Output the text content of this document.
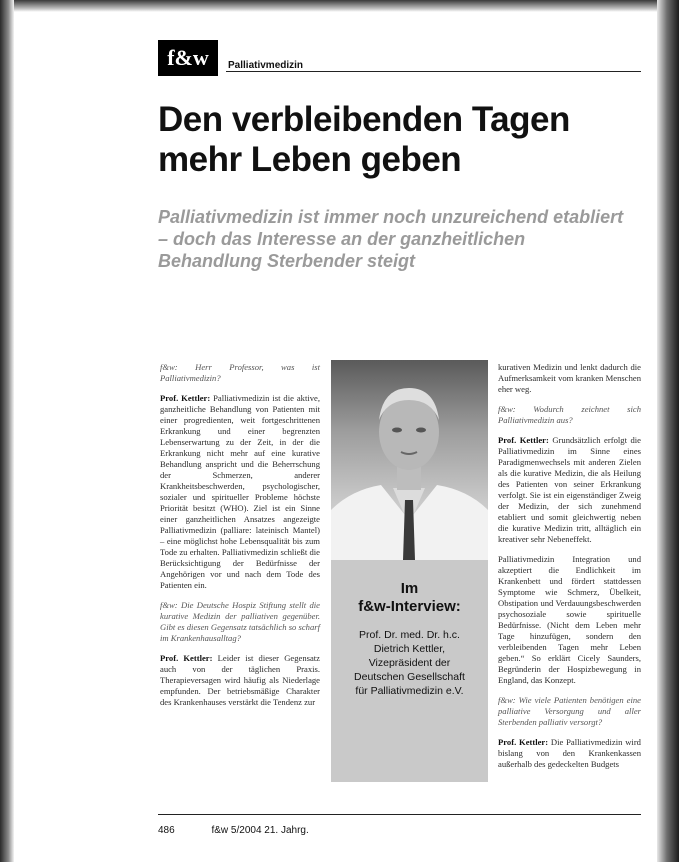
f&w	Palliativmedizin
Den verbleibenden Tagen
mehr Leben geben
Palliativmedizin ist immer noch unzureichend etabliert – doch das Interesse an der ganzheitlichen Behandlung Sterbender steigt

f&w: Herr Professor, was ist Palliativmedizin?

Prof. Kettler: Palliativmedizin ist die aktive, ganzheitliche Behandlung von Patienten mit einer progredienten, weit fortgeschrittenen Erkrankung und einer begrenzten Lebenserwartung zu der Zeit, in der die Erkrankung nicht mehr auf eine kurative Behandlung anspricht und die Beherrschung der Schmerzen, anderer Krankheitsbeschwerden, psychologischer, sozialer und spiritueller Probleme höchste Priorität besitzt (WHO). Ziel ist ein Sinne einer ganzheitlichen Ansatzes angezeigte Palliativmedizin (palliare: lateinisch Mantel) – eine möglichst hohe Lebensqualität bis zum Tode zu erhalten. Palliativmedizin schließt die Berücksichtigung der Bedürfnisse der Angehörigen vor und nach dem Tode des Patienten ein.

f&w: Die Deutsche Hospiz Stiftung stellt die kurative Medizin der palliativen gegenüber. Gibt es diesen Gegensatz tatsächlich so scharf im Krankenhausalltag?

Prof. Kettler: Leider ist dieser Gegensatz auch von der täglichen Praxis. Therapieversagen wird häufig als Niederlage empfunden. Der betriebsmäßige Charakter des Krankenhauses verstärkt die Tendenz zur

Im
f&w-Interview:
Prof. Dr. med. Dr. h.c.
Dietrich Kettler,
Vizepräsident der
Deutschen Gesellschaft
für Palliativmedizin e.V.

kurativen Medizin und lenkt dadurch die Aufmerksamkeit vom kranken Menschen eher weg.

f&w: Wodurch zeichnet sich Palliativmedizin aus?

Prof. Kettler: Grundsätzlich erfolgt die Palliativmedizin im Sinne eines Paradigmenwechsels mit anderen Zielen als die kurative Medizin, die als Heilung des Patienten von seiner Erkrankung verfolgt. Sie ist ein eigenständiger Zweig der Medizin, der sich zunehmend etabliert und somit gleichwertig neben die kurative Medizin tritt, alltäglich ein kreativer sehr Nebeneffekt.

Palliativmedizin Integration und akzeptiert die Endlichkeit im Krankenbett und fördert stattdessen Symptome wie Schmerz, Übelkeit, Obstipation und Verdauungsbeschwerden psychosoziale sowie spirituelle Bedürfnisse. (Nicht dem Leben mehr Tage hinzufügen, sondern den verbleibenden Tagen mehr Leben geben.“ So erklärt Cicely Saunders, Begründerin der Hospizbewegung in England, das Konzept.

f&w: Wie viele Patienten benötigen eine palliative Versorgung und aller Sterbenden palliativ versorgt?

Prof. Kettler: Die Palliativmedizin wird bislang von den Krankenkassen außerhalb des gedeckelten Budgets

486	f&w 5/2004 21. Jahrg.
